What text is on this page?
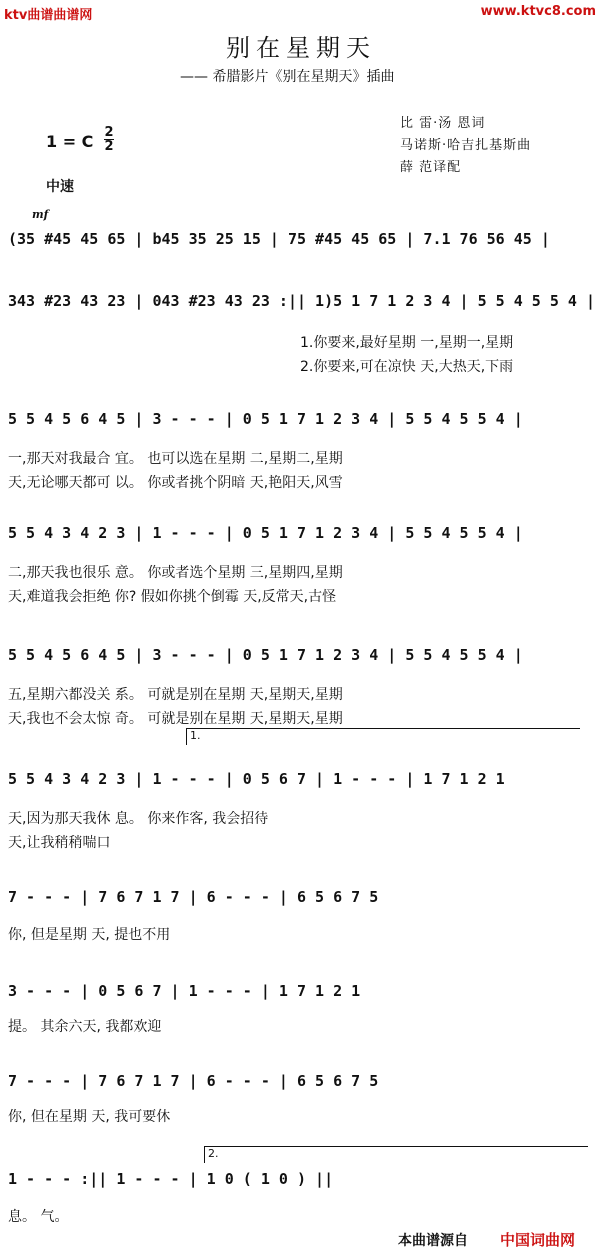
ktv曲谱曲谱网	www.ktvc8.com
别在星期天
—— 希腊影片《别在星期天》插曲
比 雷·汤 恩词
马诺斯·哈吉扎基斯曲
薛 范译配
1 = C 2
2
中速
mf
(35 #45 45 65 | b45 35 25 15 | 75 #45 45 65 | 7.1 76 56 45 |
343 #23 43 23 | 043 #23 43 23 :|| 1)5 1 7 1 2 3 4 | 5 5 4 5 5 4 |
1.你要来,最好星期 一,星期一,星期
2.你要来,可在凉快 天,大热天,下雨
5 5 4 5 6 4 5 | 3 - - - | 0 5 1 7 1 2 3 4 | 5 5 4 5 5 4 |
一,那天对我最合 宜。 也可以选在星期 二,星期二,星期
天,无论哪天都可 以。 你或者挑个阴暗 天,艳阳天,风雪
5 5 4 3 4 2 3 | 1 - - - | 0 5 1 7 1 2 3 4 | 5 5 4 5 5 4 |
二,那天我也很乐 意。 你或者选个星期 三,星期四,星期
天,难道我会拒绝 你? 假如你挑个倒霉 天,反常天,古怪
5 5 4 5 6 4 5 | 3 - - - | 0 5 1 7 1 2 3 4 | 5 5 4 5 5 4 |
五,星期六都没关 系。 可就是别在星期 天,星期天,星期
天,我也不会太惊 奇。 可就是别在星期 天,星期天,星期
1.
5 5 4 3 4 2 3 | 1 - - - | 0 5 6 7 | 1 - - - | 1 7 1 2 1
天,因为那天我休 息。 你来作客, 我会招待
天,让我稍稍喘口
7 - - - | 7 6 7 1 7 | 6 - - - | 6 5 6 7 5
你, 但是星期 天, 提也不用
3 - - - | 0 5 6 7 | 1 - - - | 1 7 1 2 1
提。 其余六天, 我都欢迎
7 - - - | 7 6 7 1 7 | 6 - - - | 6 5 6 7 5
你, 但在星期 天, 我可要休
2.
1 - - - :|| 1 - - - | 1 0 ( 1 0 ) ||
息。 气。
本曲谱源自 中国词曲网
